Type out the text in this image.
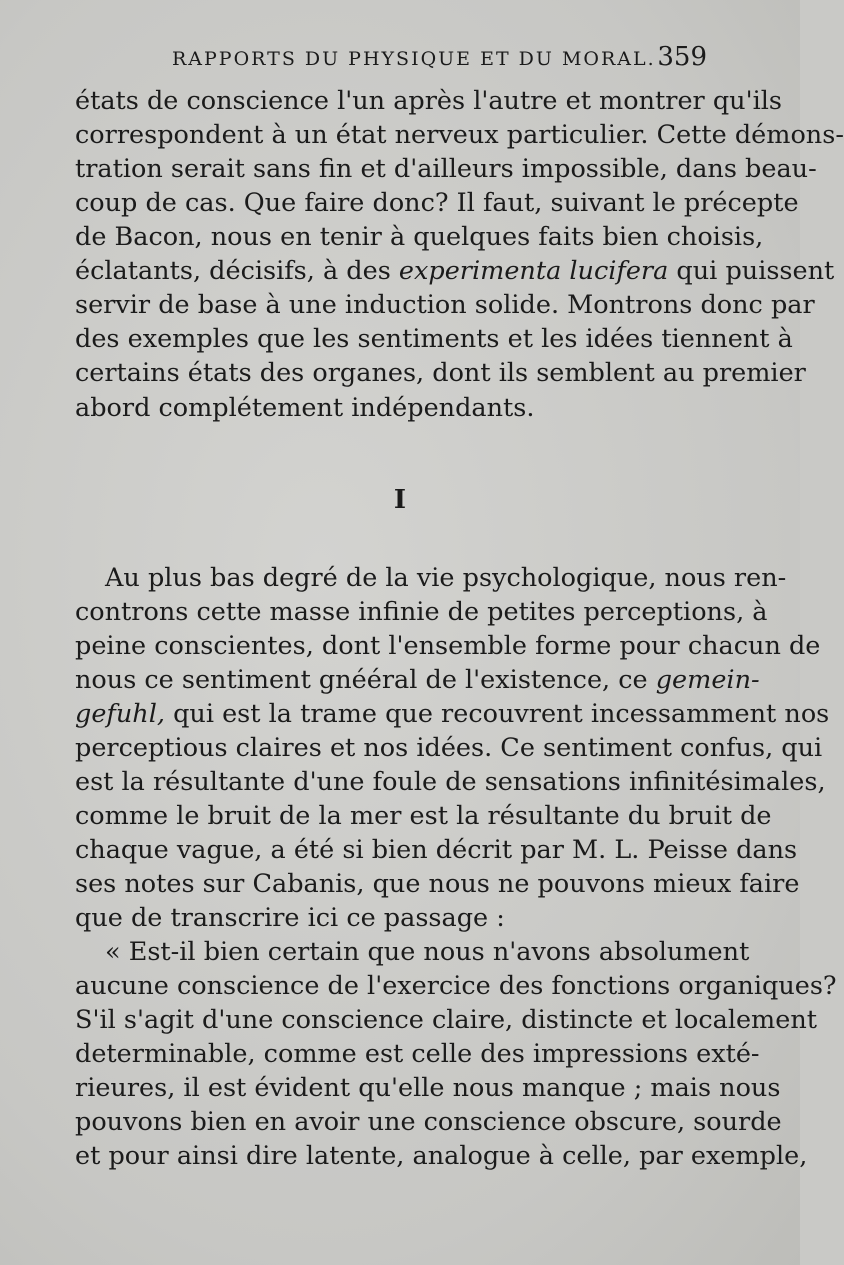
RAPPORTS DU PHYSIQUE ET DU MORAL. 359
états de conscience l'un après l'autre et montrer qu'ils
correspondent à un état nerveux particulier. Cette démons-
tration serait sans fin et d'ailleurs impossible, dans beau-
coup de cas. Que faire donc? Il faut, suivant le précepte
de Bacon, nous en tenir à quelques faits bien choisis,
éclatants, décisifs, à des experimenta lucifera qui puissent
servir de base à une induction solide. Montrons donc par
des exemples que les sentiments et les idées tiennent à
certains états des organes, dont ils semblent au premier
abord complétement indépendants.
I
Au plus bas degré de la vie psychologique, nous ren-
controns cette masse infinie de petites perceptions, à
peine conscientes, dont l'ensemble forme pour chacun de
nous ce sentiment gnééral de l'existence, ce gemein-
gefuhl, qui est la trame que recouvrent incessamment nos
perceptious claires et nos idées. Ce sentiment confus, qui
est la résultante d'une foule de sensations infinitésimales,
comme le bruit de la mer est la résultante du bruit de
chaque vague, a été si bien décrit par M. L. Peisse dans
ses notes sur Cabanis, que nous ne pouvons mieux faire
que de transcrire ici ce passage :
« Est-il bien certain que nous n'avons absolument
aucune conscience de l'exercice des fonctions organiques?
S'il s'agit d'une conscience claire, distincte et localement
determinable, comme est celle des impressions exté-
rieures, il est évident qu'elle nous manque ; mais nous
pouvons bien en avoir une conscience obscure, sourde
et pour ainsi dire latente, analogue à celle, par exemple,
